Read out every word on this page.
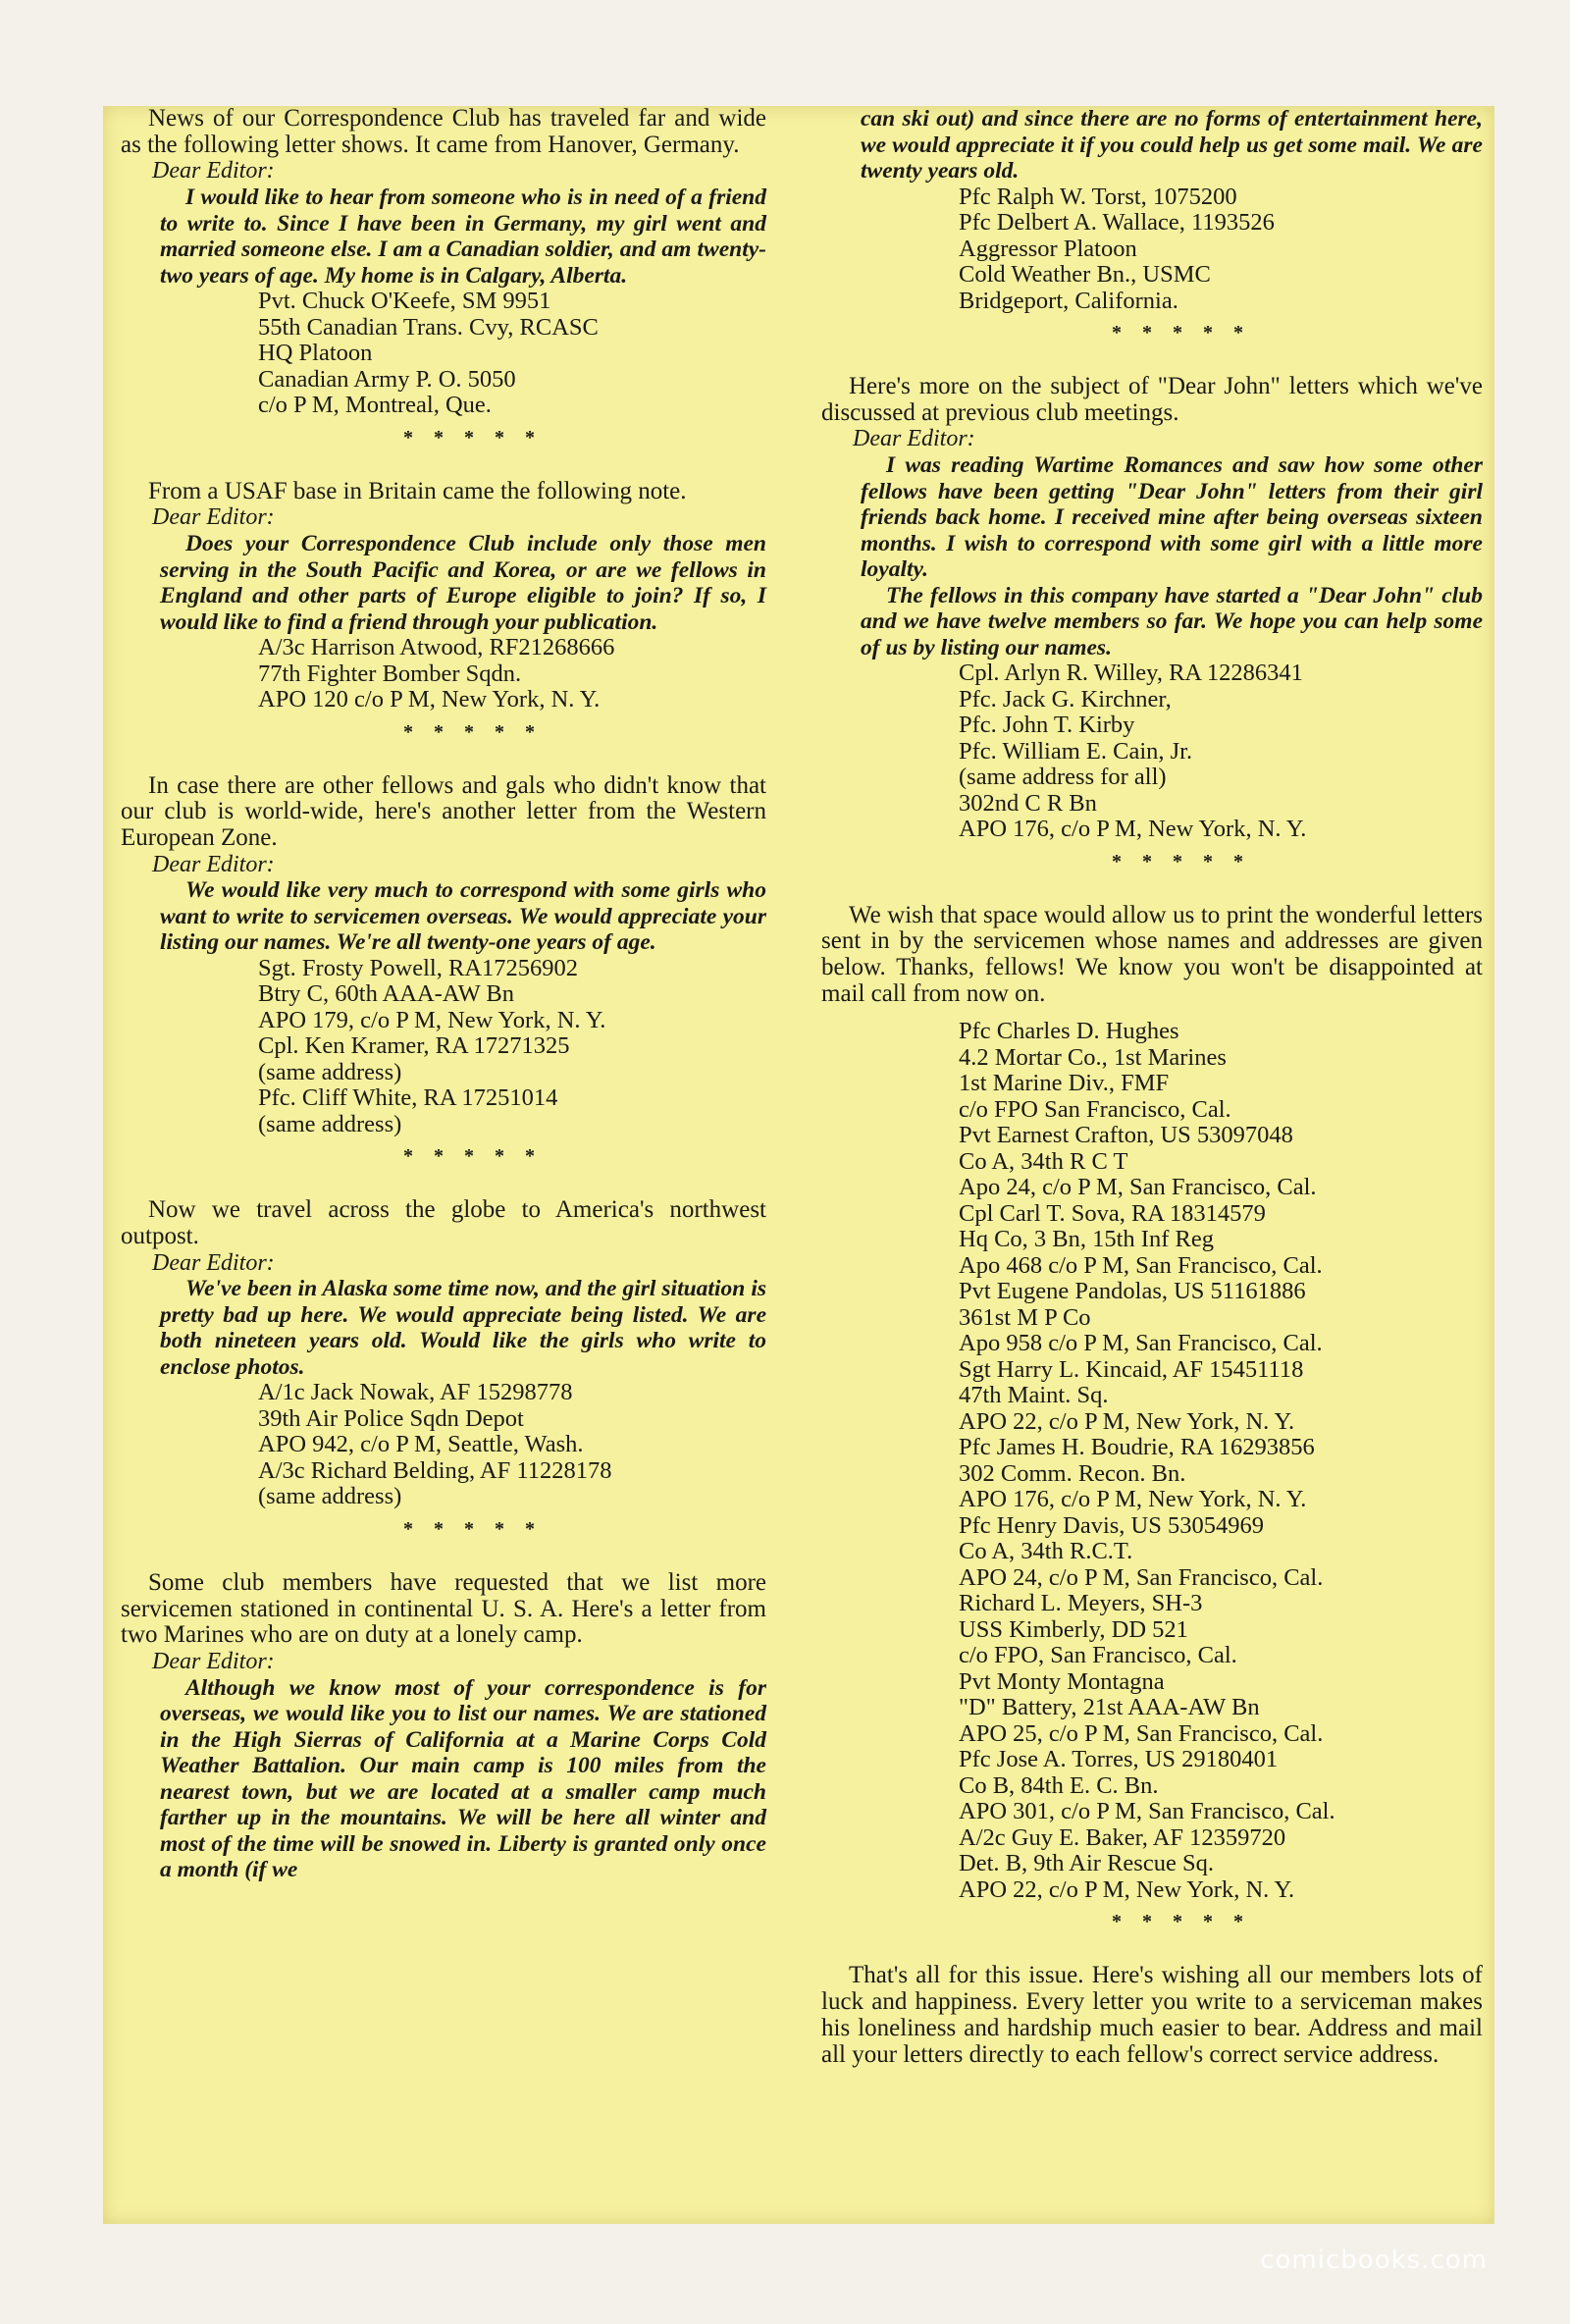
News of our Correspondence Club has traveled far and wide as the following letter shows. It came from Hanover, Germany.

Dear Editor:

I would like to hear from someone who is in need of a friend to write to. Since I have been in Germany, my girl went and married someone else. I am a Canadian soldier, and am twenty-two years of age. My home is in Calgary, Alberta.

Pvt. Chuck O'Keefe, SM 9951
55th Canadian Trans. Cvy, RCASC
HQ Platoon
Canadian Army P. O. 5050
c/o P M, Montreal, Que.
* * * * *

From a USAF base in Britain came the following note.

Dear Editor:

Does your Correspondence Club include only those men serving in the South Pacific and Korea, or are we fellows in England and other parts of Europe eligible to join? If so, I would like to find a friend through your publication.

A/3c Harrison Atwood, RF21268666
77th Fighter Bomber Sqdn.
APO 120 c/o P M, New York, N. Y.
* * * * *

In case there are other fellows and gals who didn't know that our club is world-wide, here's another letter from the Western European Zone.

Dear Editor:

We would like very much to correspond with some girls who want to write to servicemen overseas. We would appreciate your listing our names. We're all twenty-one years of age.

Sgt. Frosty Powell, RA17256902
Btry C, 60th AAA-AW Bn
APO 179, c/o P M, New York, N. Y.
Cpl. Ken Kramer, RA 17271325
(same address)
Pfc. Cliff White, RA 17251014
(same address)
* * * * *

Now we travel across the globe to America's northwest outpost.

Dear Editor:

We've been in Alaska some time now, and the girl situation is pretty bad up here. We would appreciate being listed. We are both nineteen years old. Would like the girls who write to enclose photos.

A/1c Jack Nowak, AF 15298778
39th Air Police Sqdn Depot
APO 942, c/o P M, Seattle, Wash.
A/3c Richard Belding, AF 11228178
(same address)
* * * * *

Some club members have requested that we list more servicemen stationed in continental U. S. A. Here's a letter from two Marines who are on duty at a lonely camp.

Dear Editor:

Although we know most of your correspondence is for overseas, we would like you to list our names. We are stationed in the High Sierras of California at a Marine Corps Cold Weather Battalion. Our main camp is 100 miles from the nearest town, but we are located at a smaller camp much farther up in the mountains. We will be here all winter and most of the time will be snowed in. Liberty is granted only once a month (if we

can ski out) and since there are no forms of entertainment here, we would appreciate it if you could help us get some mail. We are twenty years old.

Pfc Ralph W. Torst, 1075200
Pfc Delbert A. Wallace, 1193526
Aggressor Platoon
Cold Weather Bn., USMC
Bridgeport, California.
* * * * *

Here's more on the subject of "Dear John" letters which we've discussed at previous club meetings.

Dear Editor:

I was reading Wartime Romances and saw how some other fellows have been getting "Dear John" letters from their girl friends back home. I received mine after being overseas sixteen months. I wish to correspond with some girl with a little more loyalty.
The fellows in this company have started a "Dear John" club and we have twelve members so far. We hope you can help some of us by listing our names.

Cpl. Arlyn R. Willey, RA 12286341
Pfc. Jack G. Kirchner,
Pfc. John T. Kirby
Pfc. William E. Cain, Jr.
(same address for all)
302nd C R Bn
APO 176, c/o P M, New York, N. Y.
* * * * *

We wish that space would allow us to print the wonderful letters sent in by the servicemen whose names and addresses are given below. Thanks, fellows! We know you won't be disappointed at mail call from now on.

Pfc Charles D. Hughes
4.2 Mortar Co., 1st Marines
1st Marine Div., FMF
c/o FPO San Francisco, Cal.
Pvt Earnest Crafton, US 53097048
Co A, 34th R C T
Apo 24, c/o P M, San Francisco, Cal.
Cpl Carl T. Sova, RA 18314579
Hq Co, 3 Bn, 15th Inf Reg
Apo 468 c/o P M, San Francisco, Cal.
Pvt Eugene Pandolas, US 51161886
361st M P Co
Apo 958 c/o P M, San Francisco, Cal.
Sgt Harry L. Kincaid, AF 15451118
47th Maint. Sq.
APO 22, c/o P M, New York, N. Y.
Pfc James H. Boudrie, RA 16293856
302 Comm. Recon. Bn.
APO 176, c/o P M, New York, N. Y.
Pfc Henry Davis, US 53054969
Co A, 34th R.C.T.
APO 24, c/o P M, San Francisco, Cal.
Richard L. Meyers, SH-3
USS Kimberly, DD 521
c/o FPO, San Francisco, Cal.
Pvt Monty Montagna
"D" Battery, 21st AAA-AW Bn
APO 25, c/o P M, San Francisco, Cal.
Pfc Jose A. Torres, US 29180401
Co B, 84th E. C. Bn.
APO 301, c/o P M, San Francisco, Cal.
A/2c Guy E. Baker, AF 12359720
Det. B, 9th Air Rescue Sq.
APO 22, c/o P M, New York, N. Y.
* * * * *

That's all for this issue. Here's wishing all our members lots of luck and happiness. Every letter you write to a serviceman makes his loneliness and hardship much easier to bear. Address and mail all your letters directly to each fellow's correct service address.

comicbooks.com
